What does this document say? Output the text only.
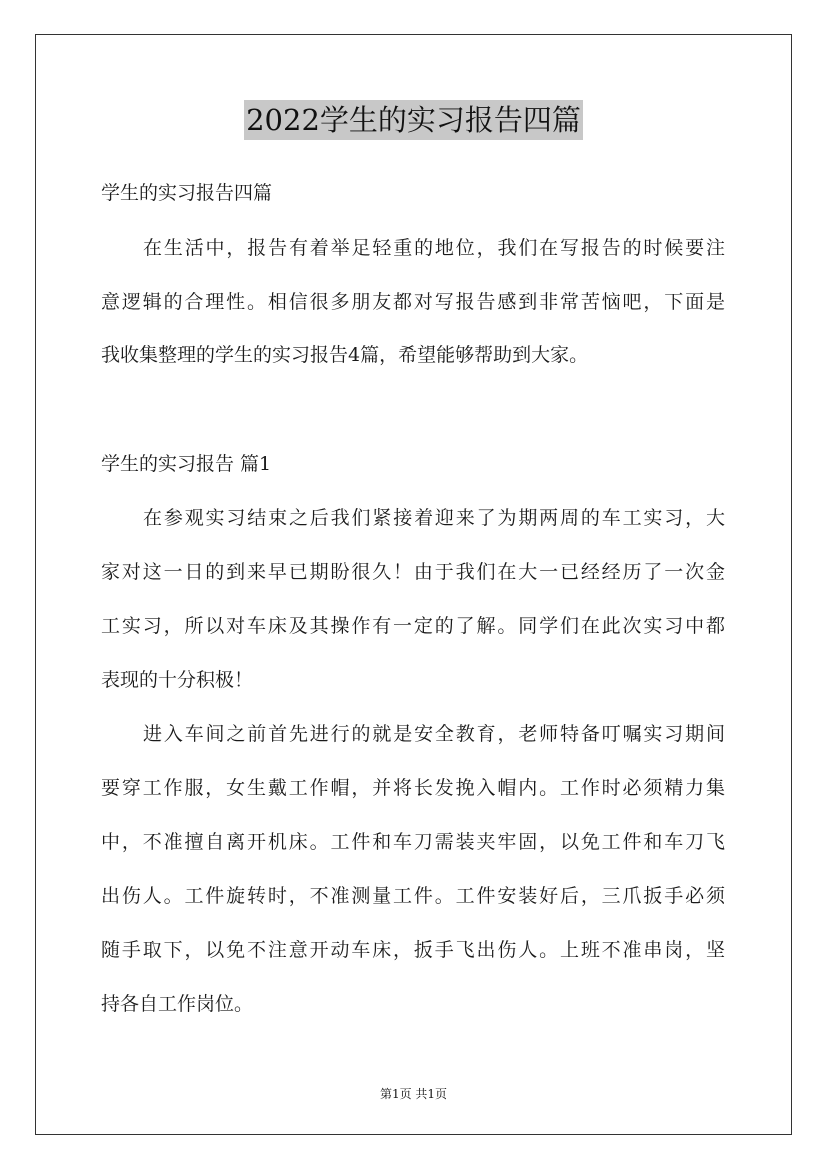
2022学生的实习报告四篇
学生的实习报告四篇
在生活中，报告有着举足轻重的地位，我们在写报告的时候要注
意逻辑的合理性。相信很多朋友都对写报告感到非常苦恼吧，下面是
我收集整理的学生的实习报告4篇，希望能够帮助到大家。
学生的实习报告 篇1
在参观实习结束之后我们紧接着迎来了为期两周的车工实习，大
家对这一日的到来早已期盼很久！由于我们在大一已经经历了一次金
工实习，所以对车床及其操作有一定的了解。同学们在此次实习中都
表现的十分积极！
进入车间之前首先进行的就是安全教育，老师特备叮嘱实习期间
要穿工作服，女生戴工作帽，并将长发挽入帽内。工作时必须精力集
中，不准擅自离开机床。工件和车刀需装夹牢固，以免工件和车刀飞
出伤人。工件旋转时，不准测量工件。工件安装好后，三爪扳手必须
随手取下，以免不注意开动车床，扳手飞出伤人。上班不准串岗，坚
持各自工作岗位。
第1页 共1页
